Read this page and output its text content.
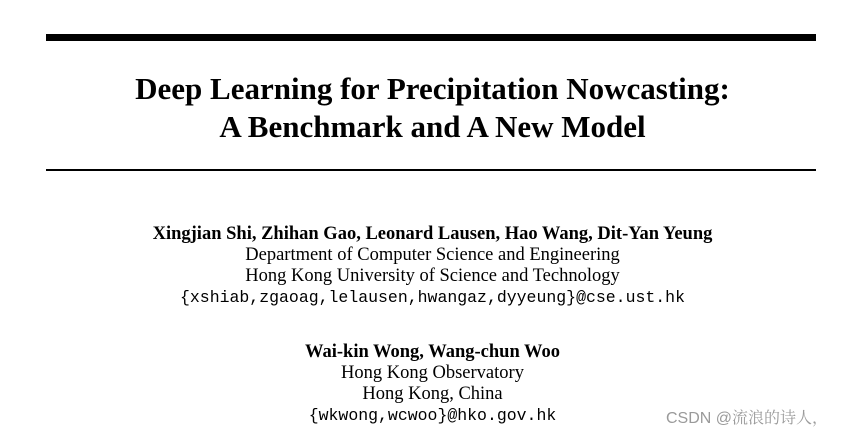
Deep Learning for Precipitation Nowcasting:
A Benchmark and A New Model
Xingjian Shi, Zhihan Gao, Leonard Lausen, Hao Wang, Dit-Yan Yeung
Department of Computer Science and Engineering
Hong Kong University of Science and Technology
{xshiab,zgaoag,lelausen,hwangaz,dyyeung}@cse.ust.hk
Wai-kin Wong, Wang-chun Woo
Hong Kong Observatory
Hong Kong, China
{wkwong,wcwoo}@hko.gov.hk	CSDN @流浪的诗人，
